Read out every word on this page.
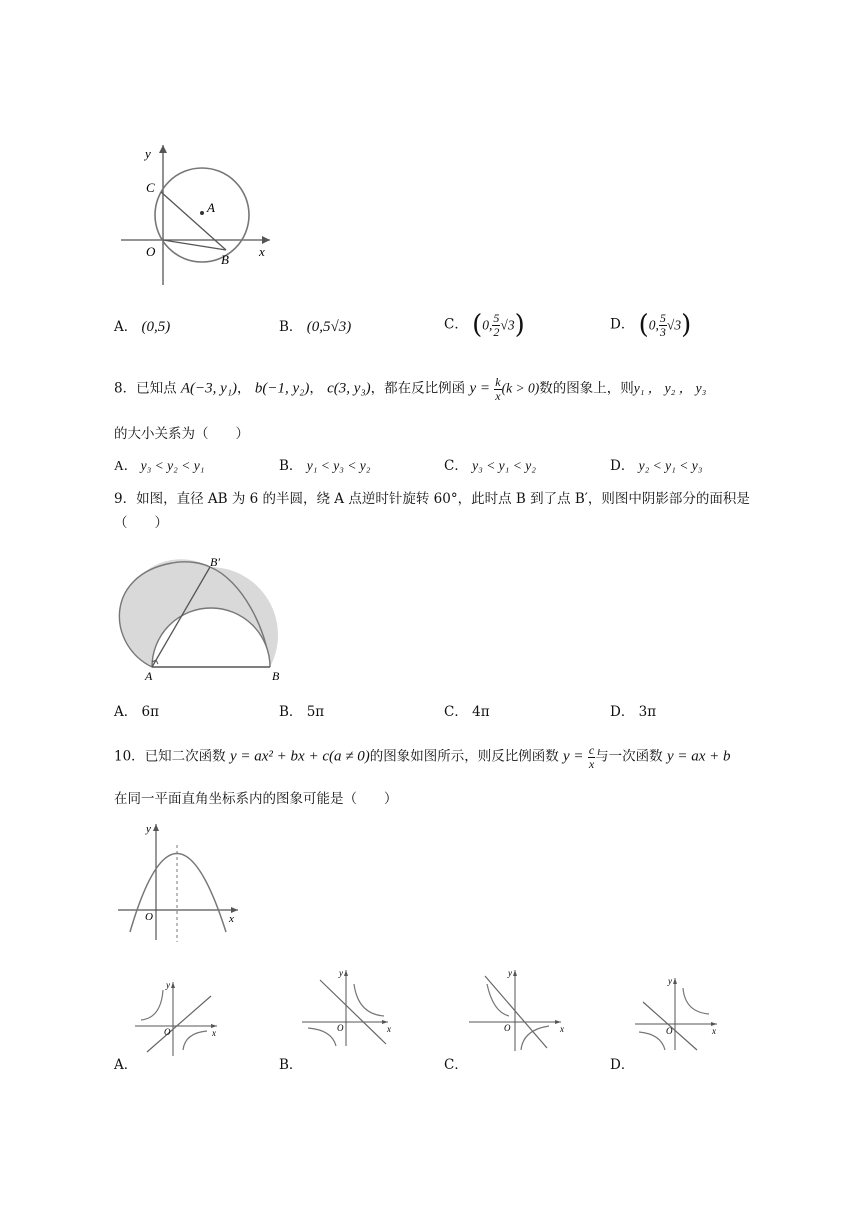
y
C
A
O
B
x
A． (0,5)	B． (0,5√3)	C． (0, $\frac{5}{2} √3$)	D． (0, $\frac{5}{3} √3$)
8．已知点 A(−3, y₁)， b(−1, y₂)， c(3, y₃)，都在反比例函 $y = \frac{k}{x} (k > 0)$数的图象上，则y₁ ， y₂ ， y₃
的大小关系为（　　）
A． y₃ < y₂ < y₁	B． y₁ < y₃ < y₂	C． y₃ < y₁ < y₂	D． y₂ < y₁ < y₃
9．如图，直径 AB 为 6 的半圆，绕 A 点逆时针旋转 60°，此时点 B 到了点 B′，则图中阴影部分的面积是
（　　）
B′
A	B
A． 6π	B． 5π	C． 4π	D． 3π
10．已知二次函数 y = ax² + bx + c(a ≠ 0)的图象如图所示，则反比例函数 $y = \frac{c}{x}$ 与一次函数 y = ax + b
在同一平面直角坐标系内的图象可能是（　　）
y
O	x
y
O	x
y
O	x
y
O	x
y
O	x
A．	B．	C．	D．
